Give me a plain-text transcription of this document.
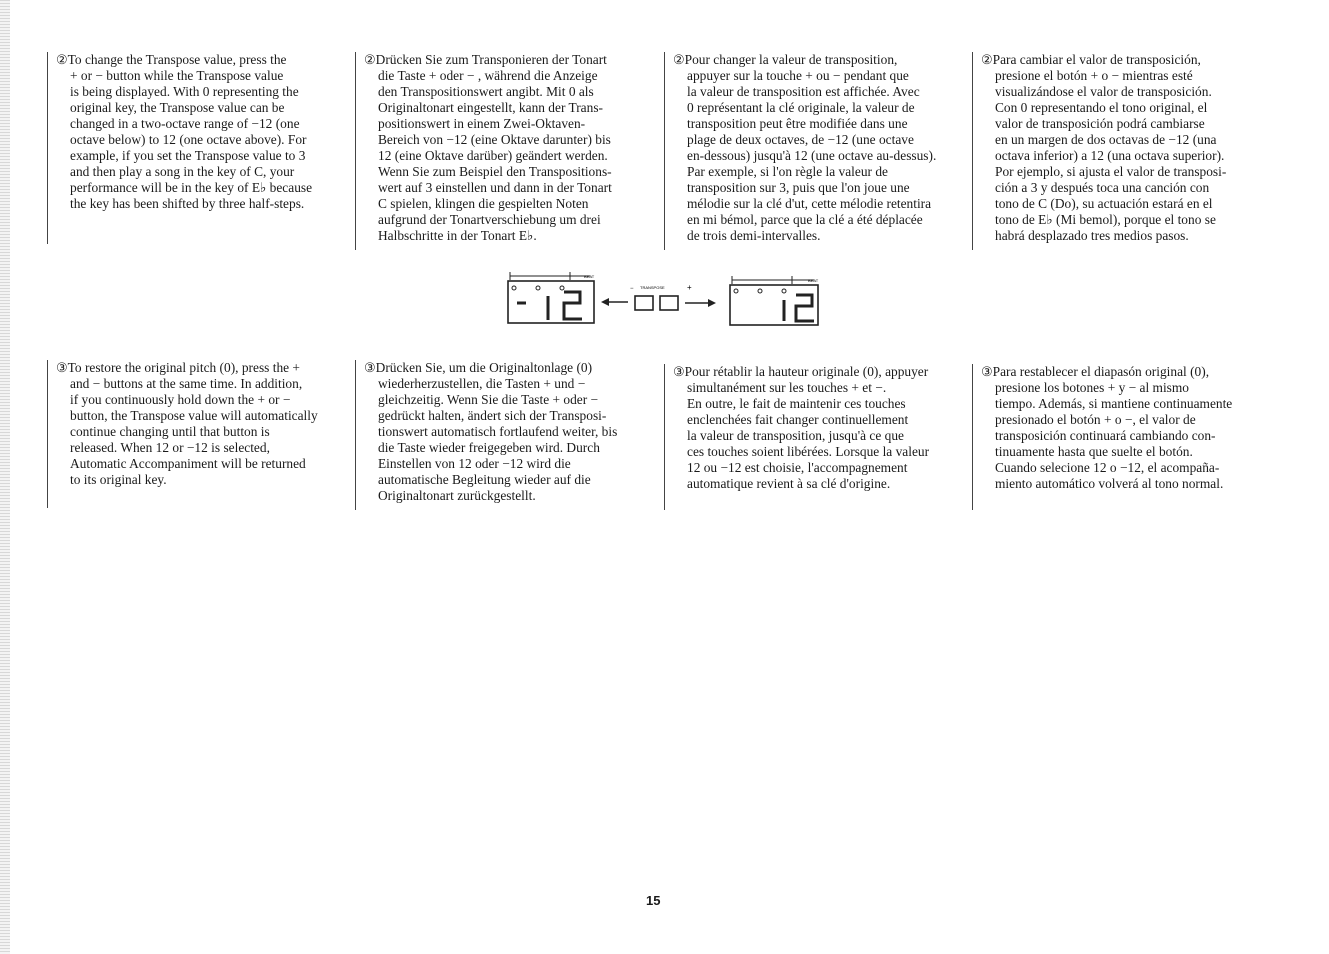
②To change the Transpose value, press the
+ or − button while the Transpose value
is being displayed. With 0 representing the
original key, the Transpose value can be
changed in a two-octave range of −12 (one
octave below) to 12 (one octave above). For
example, if you set the Transpose value to 3
and then play a song in the key of C, your
performance will be in the key of E♭ because
the key has been shifted by three half-steps.
②Drücken Sie zum Transponieren der Tonart
die Taste + oder − , während die Anzeige
den Transpositionswert angibt. Mit 0 als
Originaltonart eingestellt, kann der Trans-
positionswert in einem Zwei-Oktaven-
Bereich von −12 (eine Oktave darunter) bis
12 (eine Oktave darüber) geändert werden.
Wenn Sie zum Beispiel den Transpositions-
wert auf 3 einstellen und dann in der Tonart
C spielen, klingen die gespielten Noten
aufgrund der Tonartverschiebung um drei
Halbschritte in der Tonart E♭.
②Pour changer la valeur de transposition,
appuyer sur la touche + ou − pendant que
la valeur de transposition est affichée. Avec
0 représentant la clé originale, la valeur de
transposition peut être modifiée dans une
plage de deux octaves, de −12 (une octave
en-dessous) jusqu'à 12 (une octave au-dessus).
Par exemple, si l'on règle la valeur de
transposition sur 3, puis que l'on joue une
mélodie sur la clé d'ut, cette mélodie retentira
en mi bémol, parce que la clé a été déplacée
de trois demi-intervalles.
②Para cambiar el valor de transposición,
presione el botón + o − mientras esté
visualizándose el valor de transposición.
Con 0 representando el tono original, el
valor de transposición podrá cambiarse
en un margen de dos octavas de −12 (una
octava inferior) a 12 (una octava superior).
Por ejemplo, si ajusta el valor de transposi-
ción a 3 y después toca una canción con
tono de C (Do), su actuación estará en el
tono de E♭ (Mi bemol), porque el tono se
habrá desplazado tres medios pasos.
BEAT
-12
− TRANSPOSE	+
BEAT
12
③To restore the original pitch (0), press the +
and − buttons at the same time. In addition,
if you continuously hold down the + or −
button, the Transpose value will automatically
continue changing until that button is
released. When 12 or −12 is selected,
Automatic Accompaniment will be returned
to its original key.
③Drücken Sie, um die Originaltonlage (0)
wiederherzustellen, die Tasten + und −
gleichzeitig. Wenn Sie die Taste + oder −
gedrückt halten, ändert sich der Transposi-
tionswert automatisch fortlaufend weiter, bis
die Taste wieder freigegeben wird. Durch
Einstellen von 12 oder −12 wird die
automatische Begleitung wieder auf die
Originaltonart zurückgestellt.
③Pour rétablir la hauteur originale (0), appuyer
simultanément sur les touches + et −.
En outre, le fait de maintenir ces touches
enclenchées fait changer continuellement
la valeur de transposition, jusqu'à ce que
ces touches soient libérées. Lorsque la valeur
12 ou −12 est choisie, l'accompagnement
automatique revient à sa clé d'origine.
③Para restablecer el diapasón original (0),
presione los botones + y − al mismo
tiempo. Además, si mantiene continuamente
presionado el botón + o −, el valor de
transposición continuará cambiando con-
tinuamente hasta que suelte el botón.
Cuando selecione 12 o −12, el acompaña-
miento automático volverá al tono normal.
15
